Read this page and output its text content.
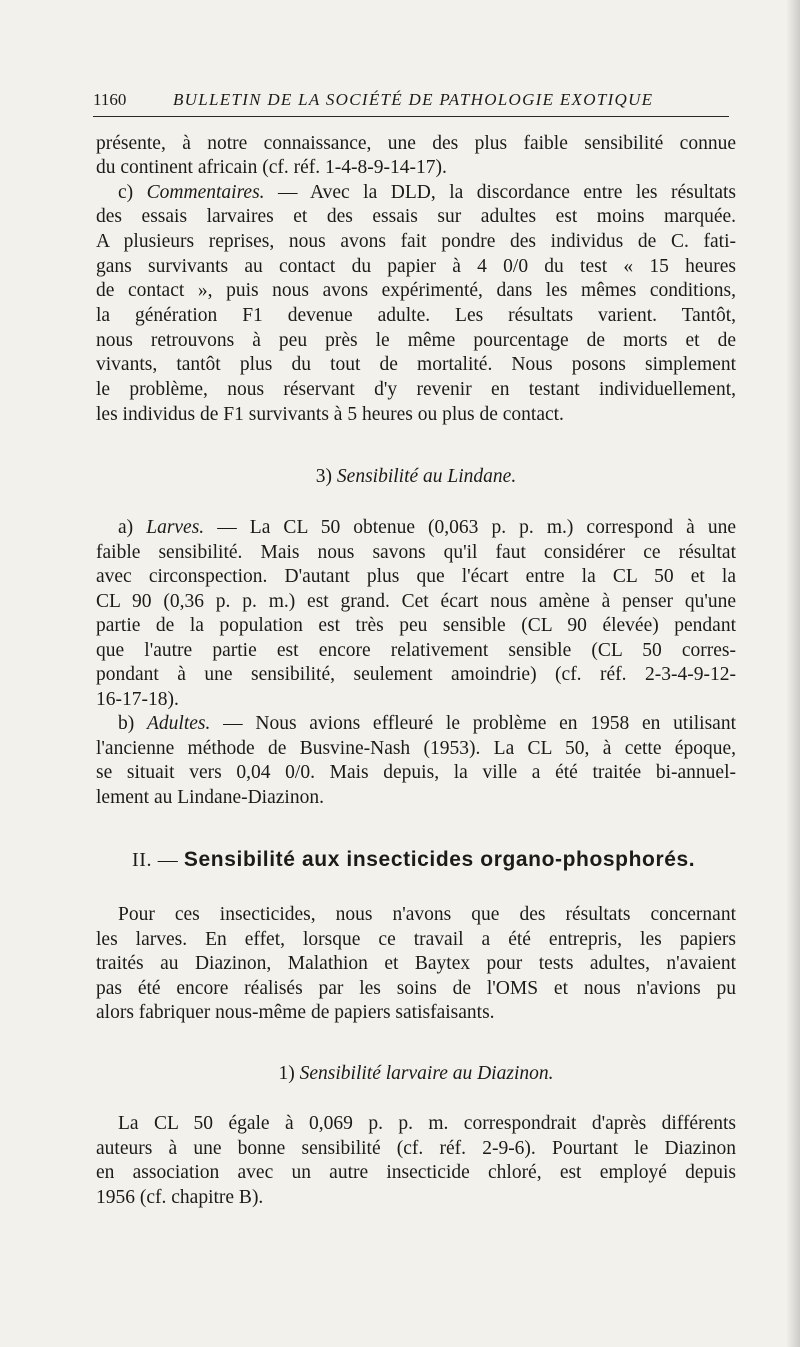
1160	BULLETIN DE LA SOCIÉTÉ DE PATHOLOGIE EXOTIQUE
présente, à notre connaissance, une des plus faible sensibilité connue
du continent africain (cf. réf. 1-4-8-9-14-17).
c) Commentaires. — Avec la DLD, la discordance entre les résultats
des essais larvaires et des essais sur adultes est moins marquée.
A plusieurs reprises, nous avons fait pondre des individus de C. fati-
gans survivants au contact du papier à 4 0/0 du test « 15 heures
de contact », puis nous avons expérimenté, dans les mêmes conditions,
la génération F1 devenue adulte. Les résultats varient. Tantôt,
nous retrouvons à peu près le même pourcentage de morts et de
vivants, tantôt plus du tout de mortalité. Nous posons simplement
le problème, nous réservant d'y revenir en testant individuellement,
les individus de F1 survivants à 5 heures ou plus de contact.
3) Sensibilité au Lindane.
a) Larves. — La CL 50 obtenue (0,063 p. p. m.) correspond à une
faible sensibilité. Mais nous savons qu'il faut considérer ce résultat
avec circonspection. D'autant plus que l'écart entre la CL 50 et la
CL 90 (0,36 p. p. m.) est grand. Cet écart nous amène à penser qu'une
partie de la population est très peu sensible (CL 90 élevée) pendant
que l'autre partie est encore relativement sensible (CL 50 corres-
pondant à une sensibilité, seulement amoindrie) (cf. réf. 2-3-4-9-12-
16-17-18).
b) Adultes. — Nous avions effleuré le problème en 1958 en utilisant
l'ancienne méthode de Busvine-Nash (1953). La CL 50, à cette époque,
se situait vers 0,04 0/0. Mais depuis, la ville a été traitée bi-annuel-
lement au Lindane-Diazinon.
II. — Sensibilité aux insecticides organo-phosphorés.
Pour ces insecticides, nous n'avons que des résultats concernant
les larves. En effet, lorsque ce travail a été entrepris, les papiers
traités au Diazinon, Malathion et Baytex pour tests adultes, n'avaient
pas été encore réalisés par les soins de l'OMS et nous n'avions pu
alors fabriquer nous-même de papiers satisfaisants.
1) Sensibilité larvaire au Diazinon.
La CL 50 égale à 0,069 p. p. m. correspondrait d'après différents
auteurs à une bonne sensibilité (cf. réf. 2-9-6). Pourtant le Diazinon
en association avec un autre insecticide chloré, est employé depuis
1956 (cf. chapitre B).
